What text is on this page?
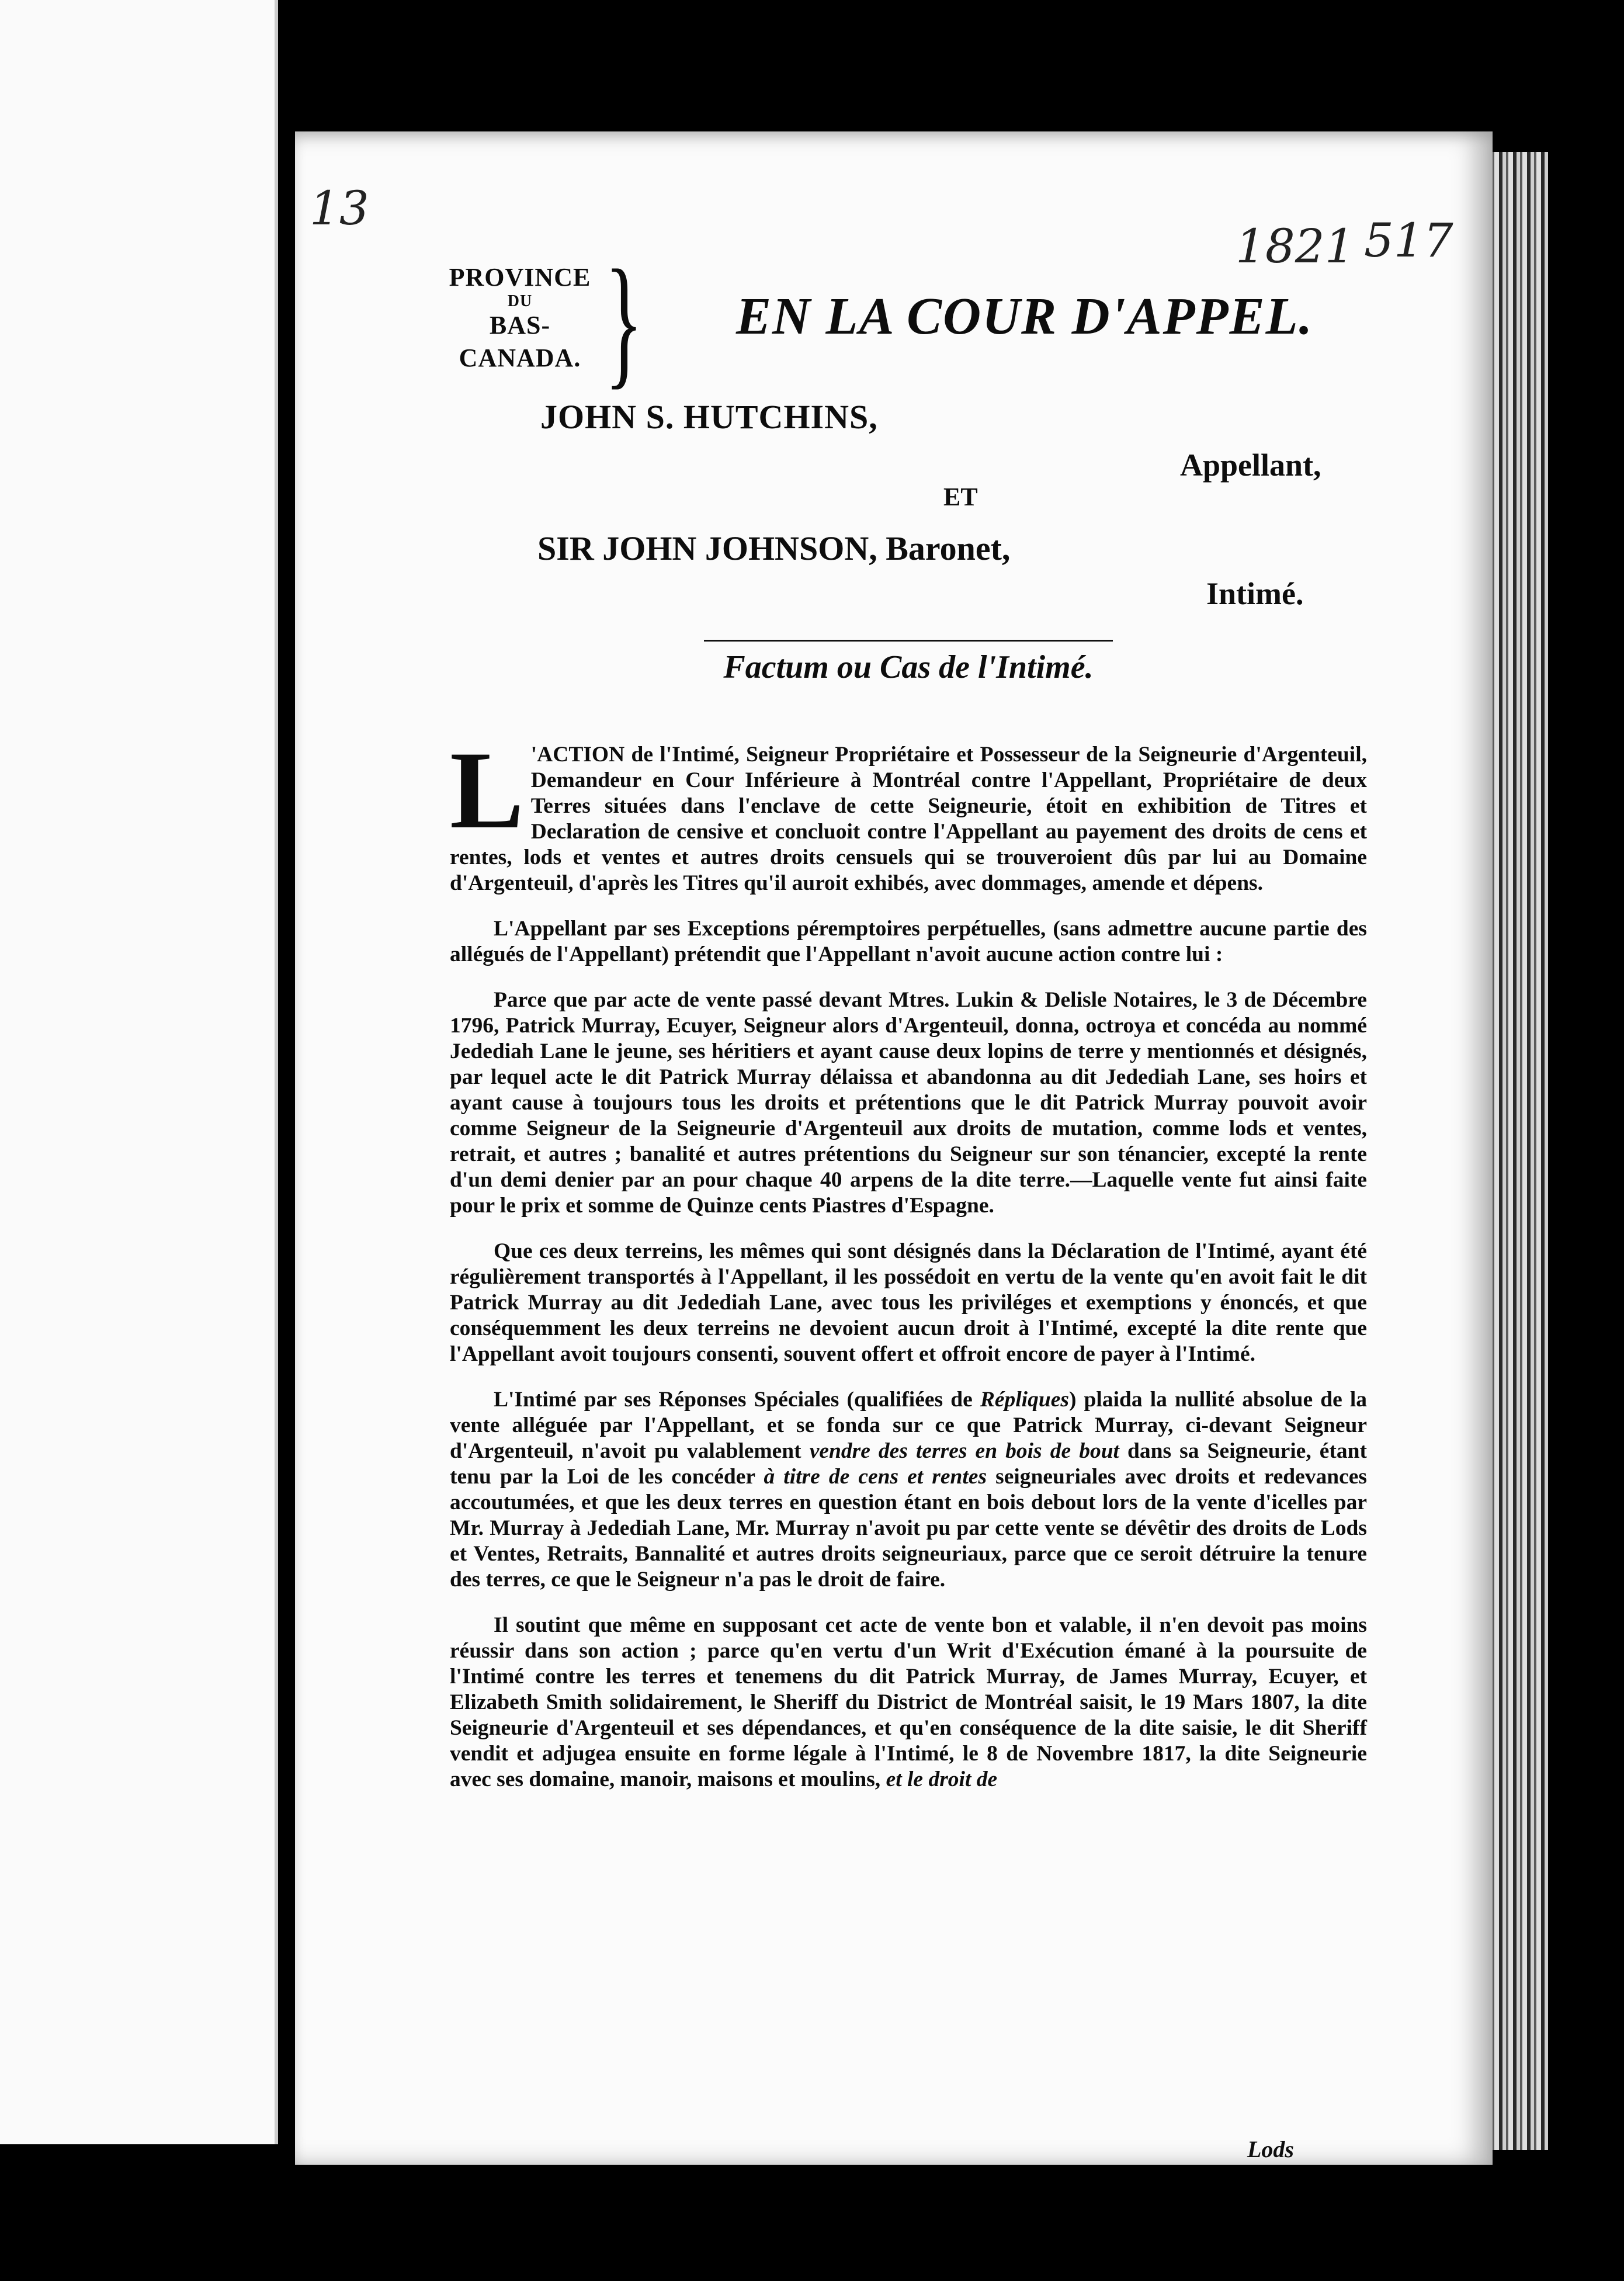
13
1821 517
PROVINCE
DU
BAS-CANADA. } EN LA COUR D'APPEL.
JOHN S. HUTCHINS,
Appellant,
ET
SIR JOHN JOHNSON, Baronet,
Intimé.
Factum ou Cas de l'Intimé.

L 'ACTION de l'Intimé, Seigneur Propriétaire et Possesseur de la Seigneurie d'Argenteuil, Demandeur en Cour Inférieure à Montréal contre l'Appellant, Propriétaire de deux Terres situées dans l'enclave de cette Seigneurie, étoit en exhibition de Titres et Declaration de censive et concluoit contre l'Appellant au payement des droits de cens et rentes, lods et ventes et autres droits censuels qui se trouveroient dûs par lui au Domaine d'Argenteuil, d'après les Titres qu'il auroit exhibés, avec dommages, amende et dépens.

L'Appellant par ses Exceptions péremptoires perpétuelles, (sans admettre aucune partie des allégués de l'Appellant) prétendit que l'Appellant n'avoit aucune action contre lui :

Parce que par acte de vente passé devant Mtres. Lukin & Delisle Notaires, le 3 de Décembre 1796, Patrick Murray, Ecuyer, Seigneur alors d'Argenteuil, donna, octroya et concéda au nommé Jedediah Lane le jeune, ses héritiers et ayant cause deux lopins de terre y mentionnés et désignés, par lequel acte le dit Patrick Murray délaissa et abandonna au dit Jedediah Lane, ses hoirs et ayant cause à toujours tous les droits et prétentions que le dit Patrick Murray pouvoit avoir comme Seigneur de la Seigneurie d'Argenteuil aux droits de mutation, comme lods et ventes, retrait, et autres ; banalité et autres prétentions du Seigneur sur son ténancier, excepté la rente d'un demi denier par an pour chaque 40 arpens de la dite terre.—Laquelle vente fut ainsi faite pour le prix et somme de Quinze cents Piastres d'Espagne.

Que ces deux terreins, les mêmes qui sont désignés dans la Déclaration de l'Intimé, ayant été régulièrement transportés à l'Appellant, il les possédoit en vertu de la vente qu'en avoit fait le dit Patrick Murray au dit Jedediah Lane, avec tous les priviléges et exemptions y énoncés, et que conséquemment les deux terreins ne devoient aucun droit à l'Intimé, excepté la dite rente que l'Appellant avoit toujours consenti, souvent offert et offroit encore de payer à l'Intimé.

L'Intimé par ses Réponses Spéciales (qualifiées de Répliques) plaida la nullité absolue de la vente alléguée par l'Appellant, et se fonda sur ce que Patrick Murray, ci-devant Seigneur d'Argenteuil, n'avoit pu valablement vendre des terres en bois de bout dans sa Seigneurie, étant tenu par la Loi de les concéder à titre de cens et rentes seigneuriales avec droits et redevances accoutumées, et que les deux terres en question étant en bois debout lors de la vente d'icelles par Mr. Murray à Jedediah Lane, Mr. Murray n'avoit pu par cette vente se dévêtir des droits de Lods et Ventes, Retraits, Bannalité et autres droits seigneuriaux, parce que ce seroit détruire la tenure des terres, ce que le Seigneur n'a pas le droit de faire.

Il soutint que même en supposant cet acte de vente bon et valable, il n'en devoit pas moins réussir dans son action ; parce qu'en vertu d'un Writ d'Exécution émané à la poursuite de l'Intimé contre les terres et tenemens du dit Patrick Murray, de James Murray, Ecuyer, et Elizabeth Smith solidairement, le Sheriff du District de Montréal saisit, le 19 Mars 1807, la dite Seigneurie d'Argenteuil et ses dépendances, et qu'en conséquence de la dite saisie, le dit Sheriff vendit et adjugea ensuite en forme légale à l'Intimé, le 8 de Novembre 1817, la dite Seigneurie avec ses domaine, manoir, maisons et moulins, et le droit de

Lods
